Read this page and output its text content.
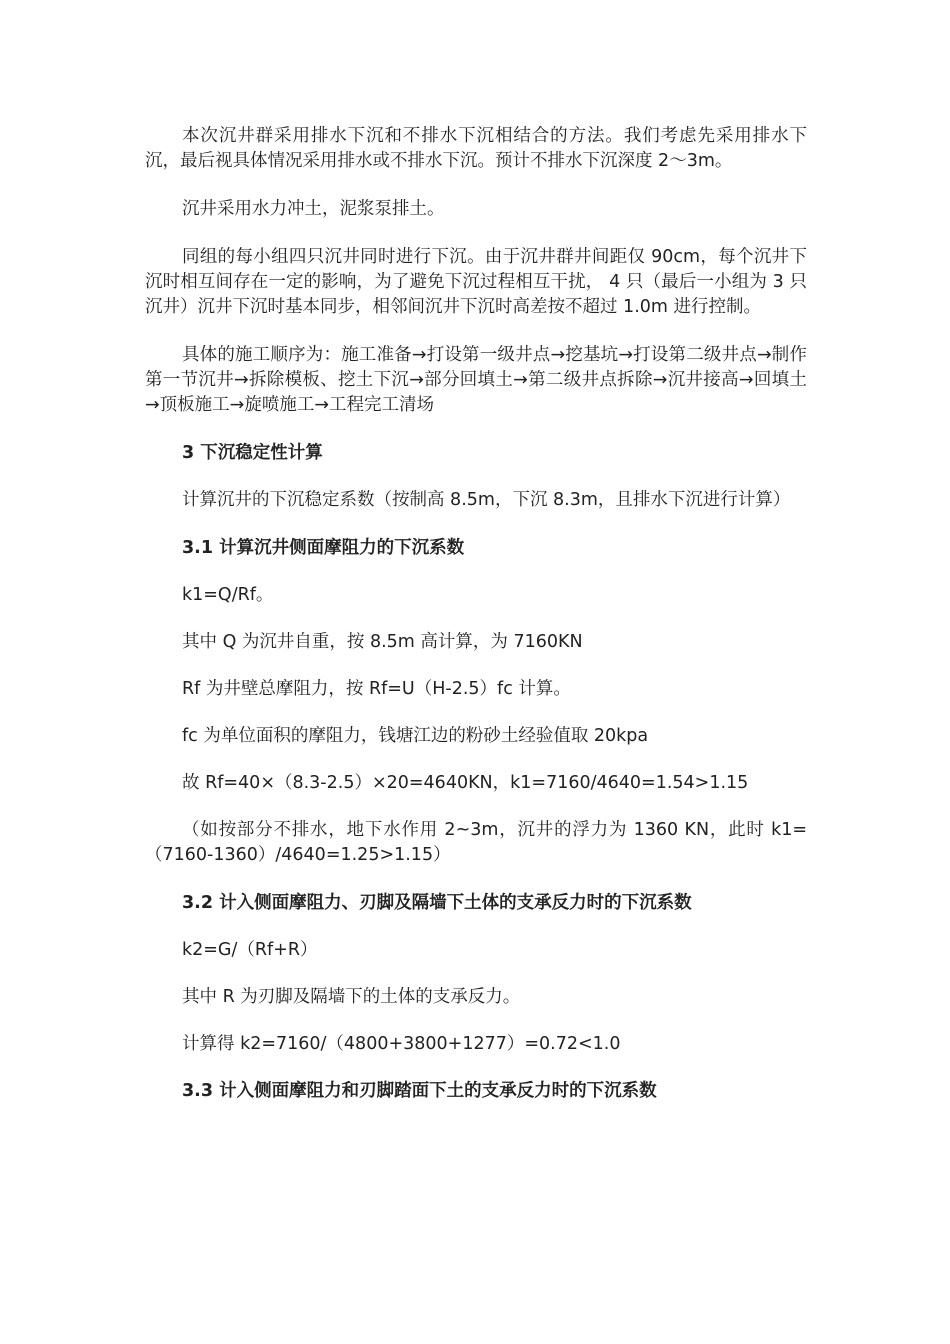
本次沉井群采用排水下沉和不排水下沉相结合的方法。我们考虑先采用排水下沉，最后视具体情况采用排水或不排水下沉。预计不排水下沉深度 2～3m。

沉井采用水力冲土，泥浆泵排土。

同组的每小组四只沉井同时进行下沉。由于沉井群井间距仅 90cm，每个沉井下沉时相互间存在一定的影响，为了避免下沉过程相互干扰， 4 只（最后一小组为 3 只沉井）沉井下沉时基本同步，相邻间沉井下沉时高差按不超过 1.0m 进行控制。

具体的施工顺序为：施工准备→打设第一级井点→挖基坑→打设第二级井点→制作第一节沉井→拆除模板、挖土下沉→部分回填土→第二级井点拆除→沉井接高→回填土→顶板施工→旋喷施工→工程完工清场

3 下沉稳定性计算

计算沉井的下沉稳定系数（按制高 8.5m，下沉 8.3m，且排水下沉进行计算）

3.1 计算沉井侧面摩阻力的下沉系数

k1=Q/Rf。

其中 Q 为沉井自重，按 8.5m 高计算，为 7160KN

Rf 为井壁总摩阻力，按 Rf=U（H-2.5）fc 计算。

fc 为单位面积的摩阻力，钱塘江边的粉砂土经验值取 20kpa

故 Rf=40×（8.3-2.5）×20=4640KN，k1=7160/4640=1.54>1.15

（如按部分不排水，地下水作用 2~3m，沉井的浮力为 1360 KN，此时 k1=（7160-1360）/4640=1.25>1.15）

3.2 计入侧面摩阻力、刃脚及隔墙下土体的支承反力时的下沉系数

k2=G/（Rf+R）

其中 R 为刃脚及隔墙下的土体的支承反力。

计算得 k2=7160/（4800+3800+1277）=0.72<1.0

3.3 计入侧面摩阻力和刃脚踏面下土的支承反力时的下沉系数
